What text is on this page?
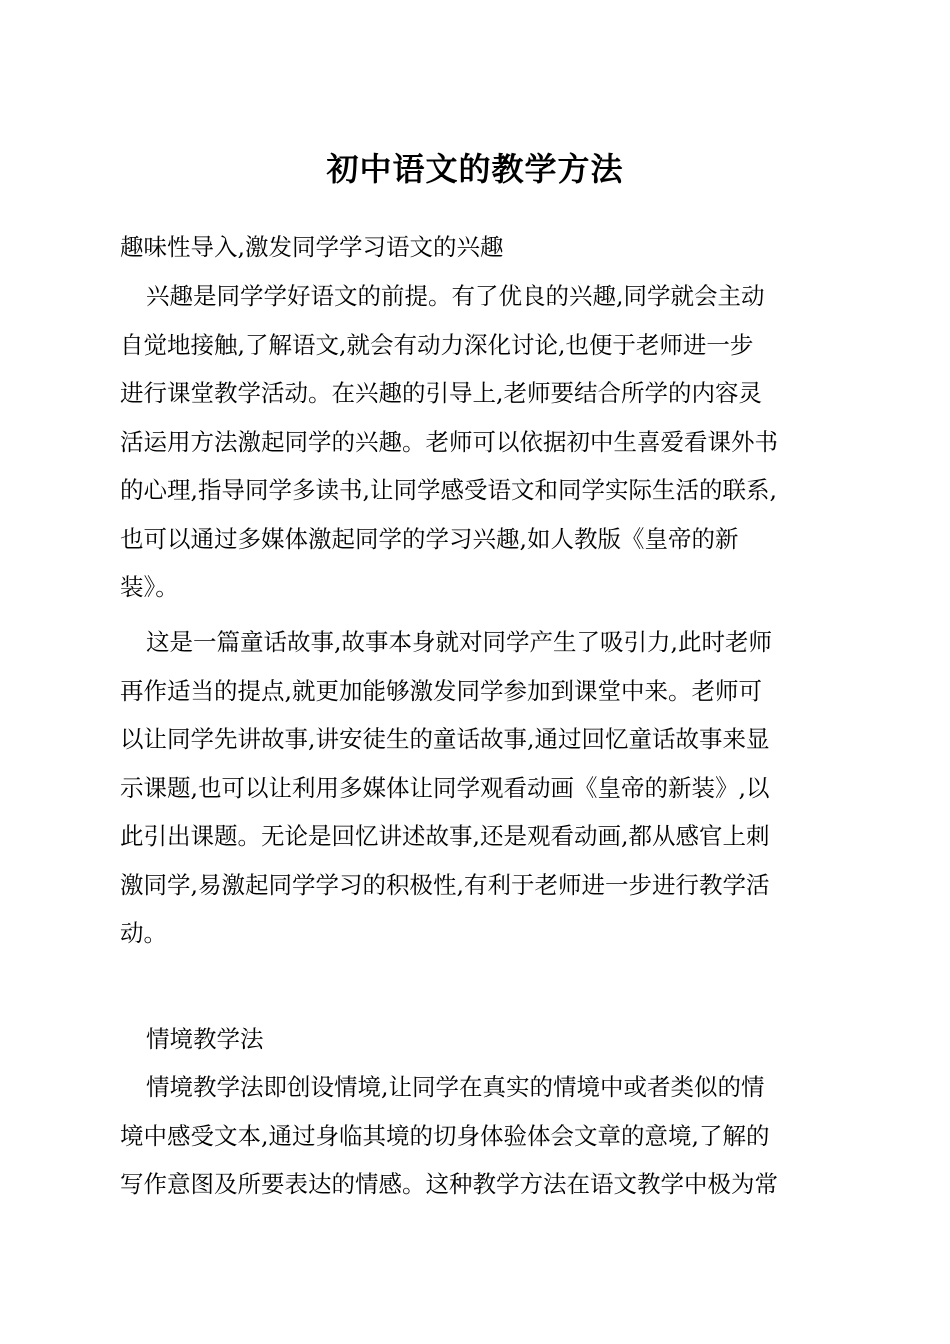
初中语文的教学方法
趣味性导入,激发同学学习语文的兴趣
兴趣是同学学好语文的前提。有了优良的兴趣,同学就会主动
自觉地接触,了解语文,就会有动力深化讨论,也便于老师进一步
进行课堂教学活动。在兴趣的引导上,老师要结合所学的内容灵
活运用方法激起同学的兴趣。老师可以依据初中生喜爱看课外书
的心理,指导同学多读书,让同学感受语文和同学实际生活的联系,
也可以通过多媒体激起同学的学习兴趣,如人教版《皇帝的新
装》。
这是一篇童话故事,故事本身就对同学产生了吸引力,此时老师
再作适当的提点,就更加能够激发同学参加到课堂中来。老师可
以让同学先讲故事,讲安徒生的童话故事,通过回忆童话故事来显
示课题,也可以让利用多媒体让同学观看动画《皇帝的新装》,以
此引出课题。无论是回忆讲述故事,还是观看动画,都从感官上刺
激同学,易激起同学学习的积极性,有利于老师进一步进行教学活
动。
情境教学法
情境教学法即创设情境,让同学在真实的情境中或者类似的情
境中感受文本,通过身临其境的切身体验体会文章的意境,了解的
写作意图及所要表达的情感。这种教学方法在语文教学中极为常
